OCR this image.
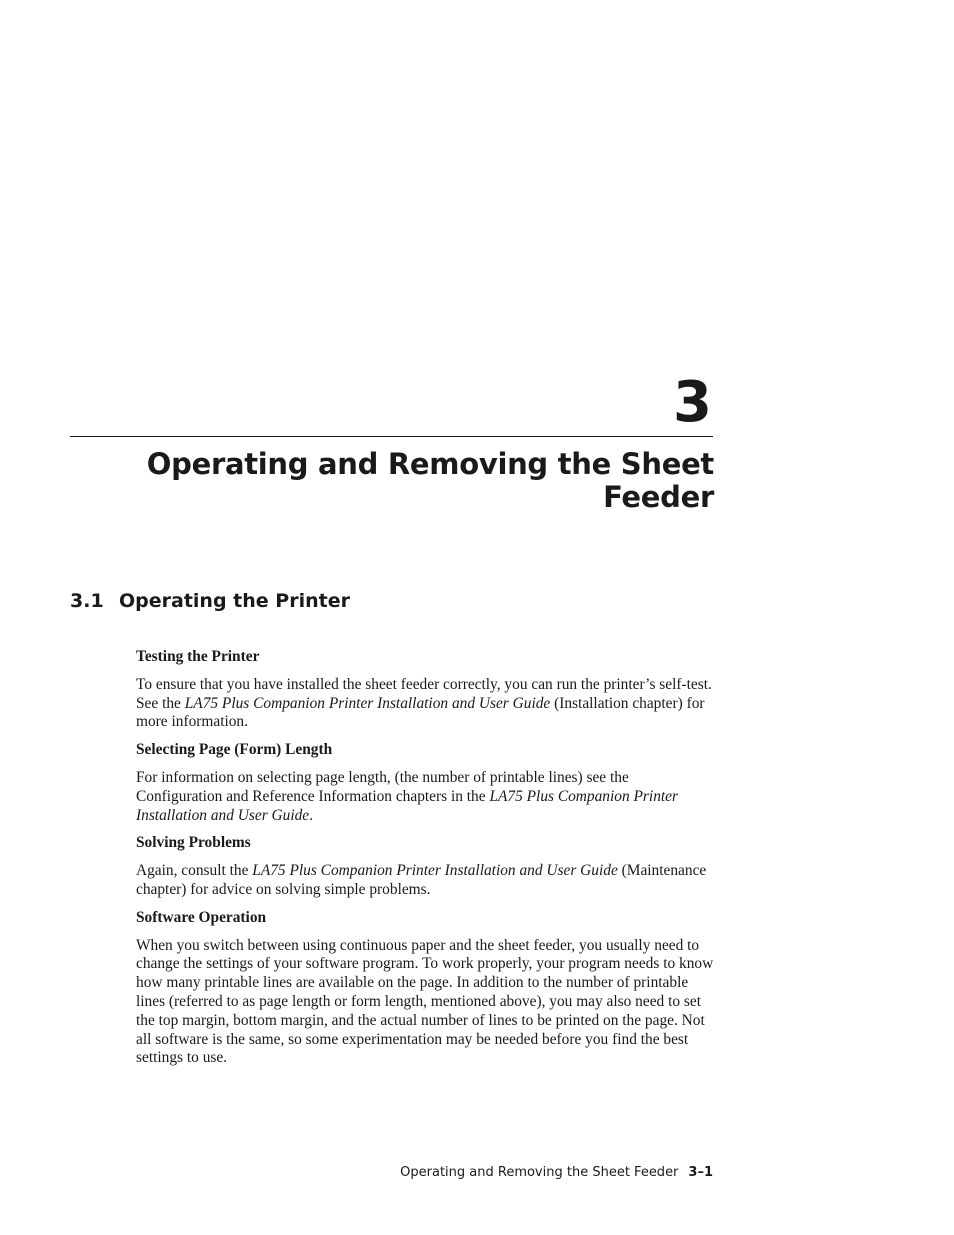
3
Operating and Removing the Sheet
Feeder
3.1 Operating the Printer

Testing the Printer

To ensure that you have installed the sheet feeder correctly, you can run the printer’s self-test. See the LA75 Plus Companion Printer Installation and User Guide (Installation chapter) for more information.

Selecting Page (Form) Length

For information on selecting page length, (the number of printable lines) see the Configuration and Reference Information chapters in the LA75 Plus Companion Printer Installation and User Guide.

Solving Problems

Again, consult the LA75 Plus Companion Printer Installation and User Guide (Maintenance chapter) for advice on solving simple problems.

Software Operation

When you switch between using continuous paper and the sheet feeder, you usually need to change the settings of your software program. To work properly, your program needs to know how many printable lines are available on the page. In addition to the number of printable lines (referred to as page length or form length, mentioned above), you may also need to set the top margin, bottom margin, and the actual number of lines to be printed on the page. Not all software is the same, so some experimentation may be needed before you find the best settings to use.

Operating and Removing the Sheet Feeder 3–1
